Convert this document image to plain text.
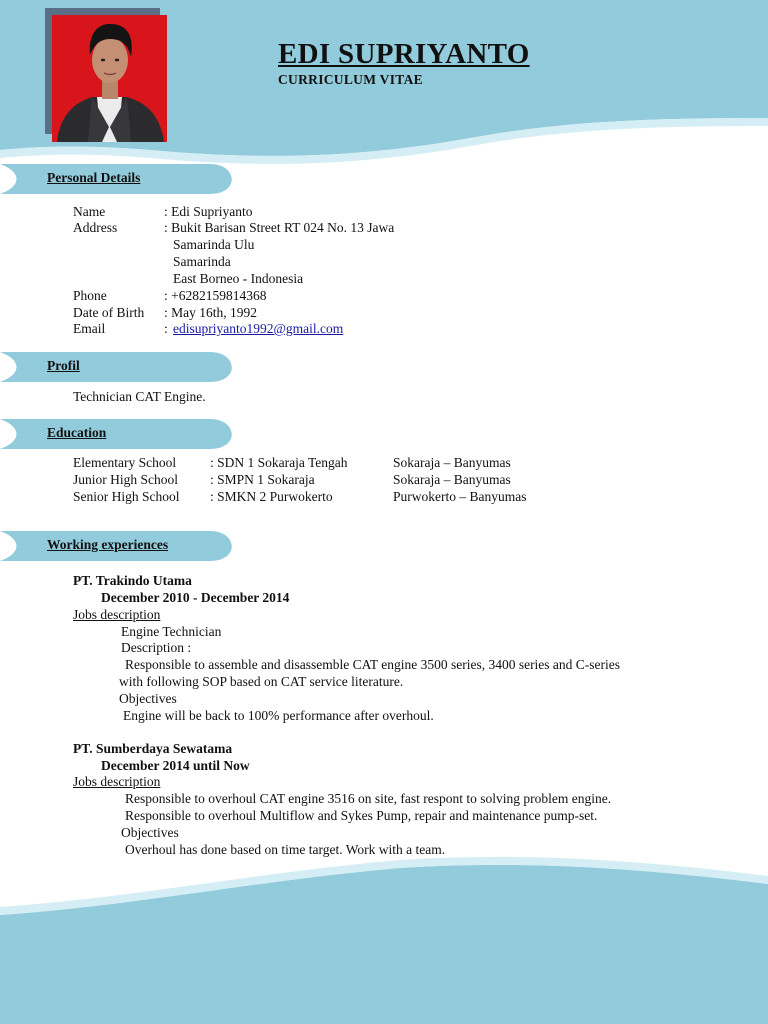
EDI SUPRIYANTO
CURRICULUM VITAE
Personal Details
Profil
Education
Working experiences
Name	: Edi Supriyanto
Address	: Bukit Barisan Street RT 024 No. 13 Jawa
Samarinda Ulu
Samarinda
East Borneo - Indonesia
Phone	: +6282159814368
Date of Birth : May 16th, 1992
Email	: edisupriyanto1992@gmail.com
Technician CAT Engine.
Elementary School	: SDN 1 Sokaraja Tengah	Sokaraja – Banyumas
Junior High School : SMPN 1 Sokaraja	Sokaraja – Banyumas
Senior High School : SMKN 2 Purwokerto	Purwokerto – Banyumas
PT. Trakindo Utama
December 2010 - December 2014
Jobs description
Engine Technician
Description :
Responsible to assemble and disassemble CAT engine 3500 series, 3400 series and C-series
with following SOP based on CAT service literature.
Objectives
Engine will be back to 100% performance after overhoul.
PT. Sumberdaya Sewatama
December 2014 until Now
Jobs description
Responsible to overhoul CAT engine 3516 on site, fast respont to solving problem engine.
Responsible to overhoul Multiflow and Sykes Pump, repair and maintenance pump-set.
Objectives
Overhoul has done based on time target. Work with a team.
